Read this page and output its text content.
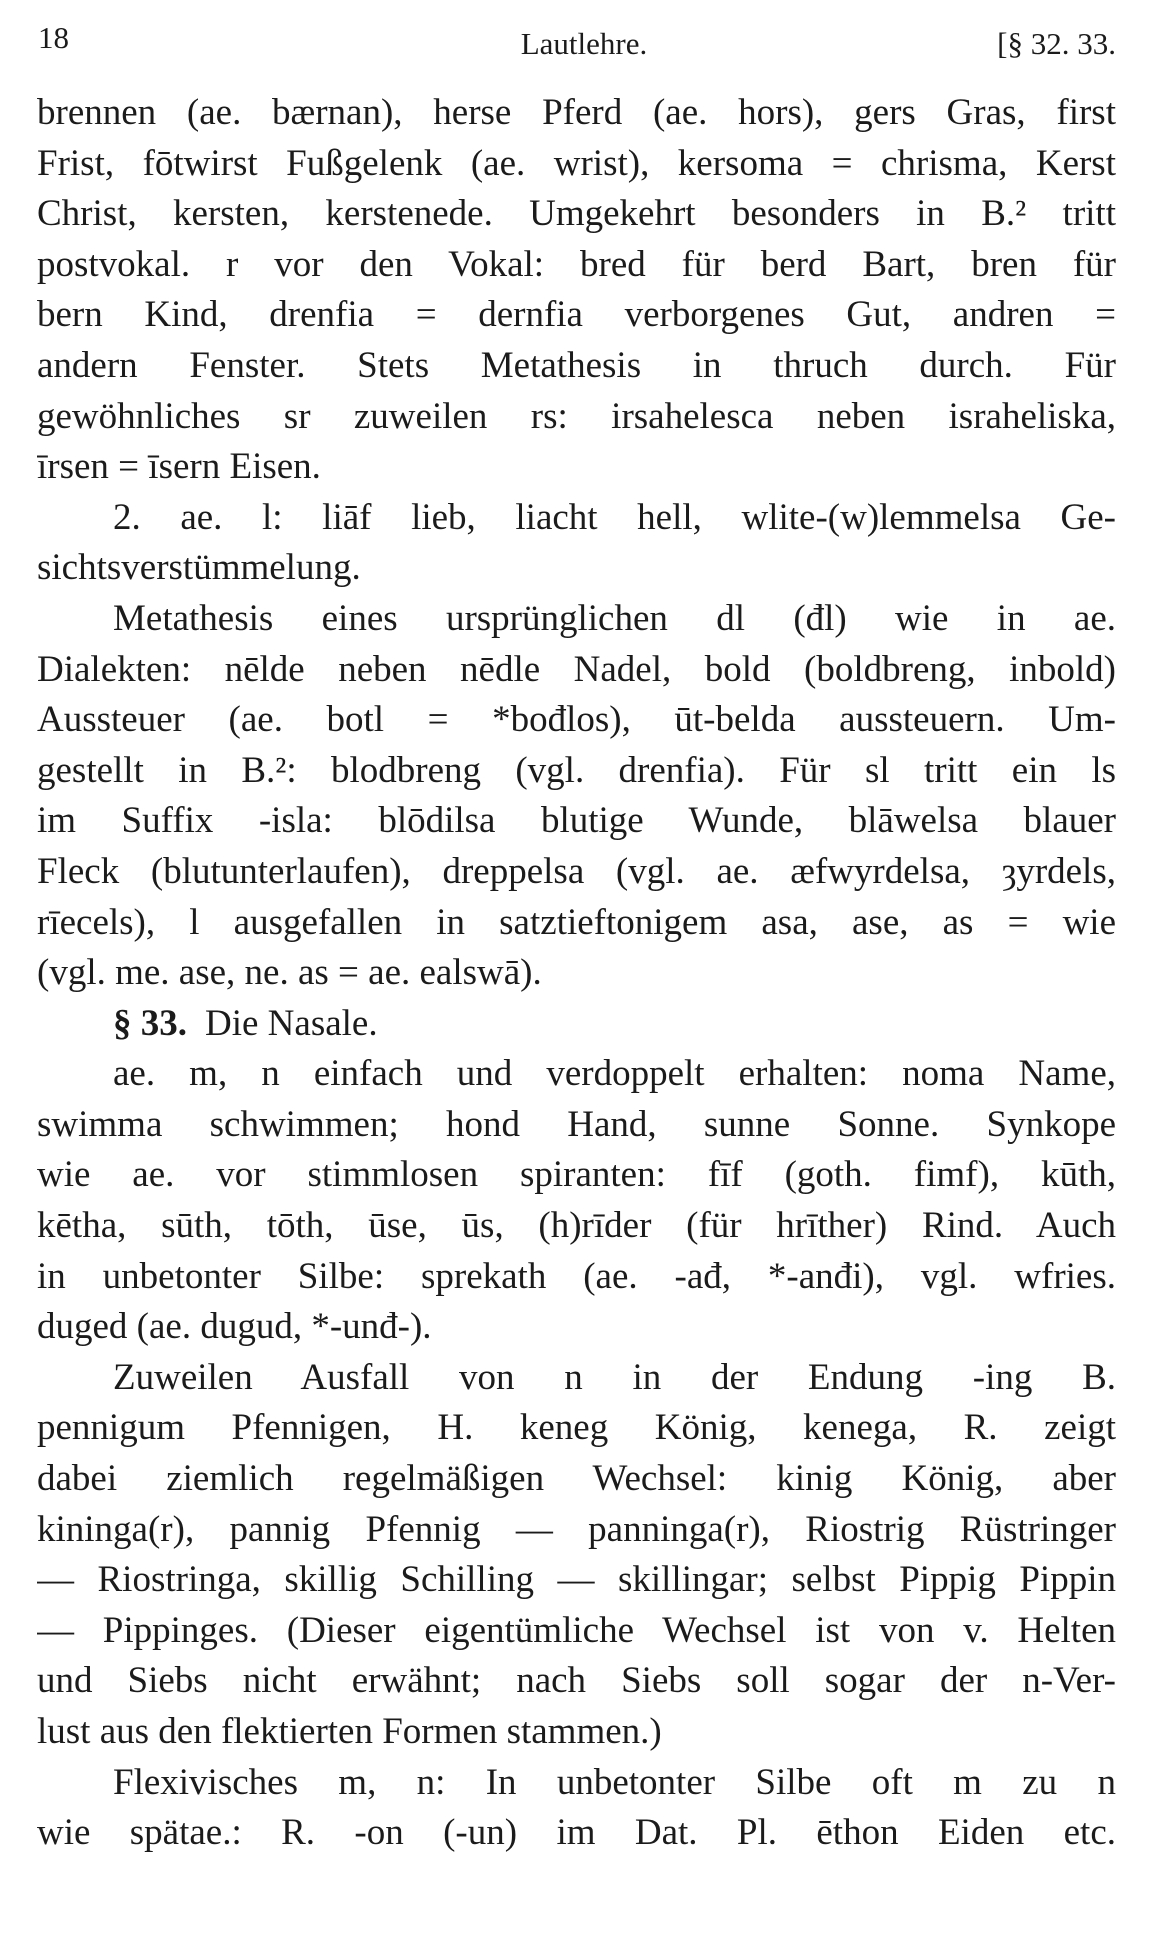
18	Lautlehre.	[§ 32. 33.
brennen (ae. bærnan), herse Pferd (ae. hors), gers Gras, first
Frist, fōtwirst Fußgelenk (ae. wrist), kersoma = chrisma, Kerst
Christ, kersten, kerstenede. Umgekehrt besonders in B.² tritt
postvokal. r vor den Vokal: bred für berd Bart, bren für
bern Kind, drenfia = dernfia verborgenes Gut, andren =
andern Fenster. Stets Metathesis in thruch durch. Für
gewöhnliches sr zuweilen rs: irsahelesca neben israheliska,
īrsen = īsern Eisen.
2. ae. l: liāf lieb, liacht hell, wlite-(w)lemmelsa Ge-
sichtsverstümmelung.
Metathesis eines ursprünglichen dl (đl) wie in ae.
Dialekten: nēlde neben nēdle Nadel, bold (boldbreng, inbold)
Aussteuer (ae. botl = *bođlos), ūt-belda aussteuern. Um-
gestellt in B.²: blodbreng (vgl. drenfia). Für sl tritt ein ls
im Suffix -isla: blōdilsa blutige Wunde, blāwelsa blauer
Fleck (blutunterlaufen), dreppelsa (vgl. ae. æfwyrdelsa, ȝyrdels,
rīecels), l ausgefallen in satztieftonigem asa, ase, as = wie
(vgl. me. ase, ne. as = ae. ealswā).
§ 33. Die Nasale.
ae. m, n einfach und verdoppelt erhalten: noma Name,
swimma schwimmen; hond Hand, sunne Sonne. Synkope
wie ae. vor stimmlosen spiranten: fīf (goth. fimf), kūth,
kētha, sūth, tōth, ūse, ūs, (h)rīder (für hrīther) Rind. Auch
in unbetonter Silbe: sprekath (ae. -ađ, *-anđi), vgl. wfries.
duged (ae. dugud, *-unđ-).
Zuweilen Ausfall von n in der Endung -ing B.
pennigum Pfennigen, H. keneg König, kenega, R. zeigt
dabei ziemlich regelmäßigen Wechsel: kinig König, aber
kininga(r), pannig Pfennig — panninga(r), Riostrig Rüstringer
— Riostringa, skillig Schilling — skillingar; selbst Pippig Pippin
— Pippinges. (Dieser eigentümliche Wechsel ist von v. Helten
und Siebs nicht erwähnt; nach Siebs soll sogar der n-Ver-
lust aus den flektierten Formen stammen.)
Flexivisches m, n: In unbetonter Silbe oft m zu n
wie spätae.: R. -on (-un) im Dat. Pl. ēthon Eiden etc.
